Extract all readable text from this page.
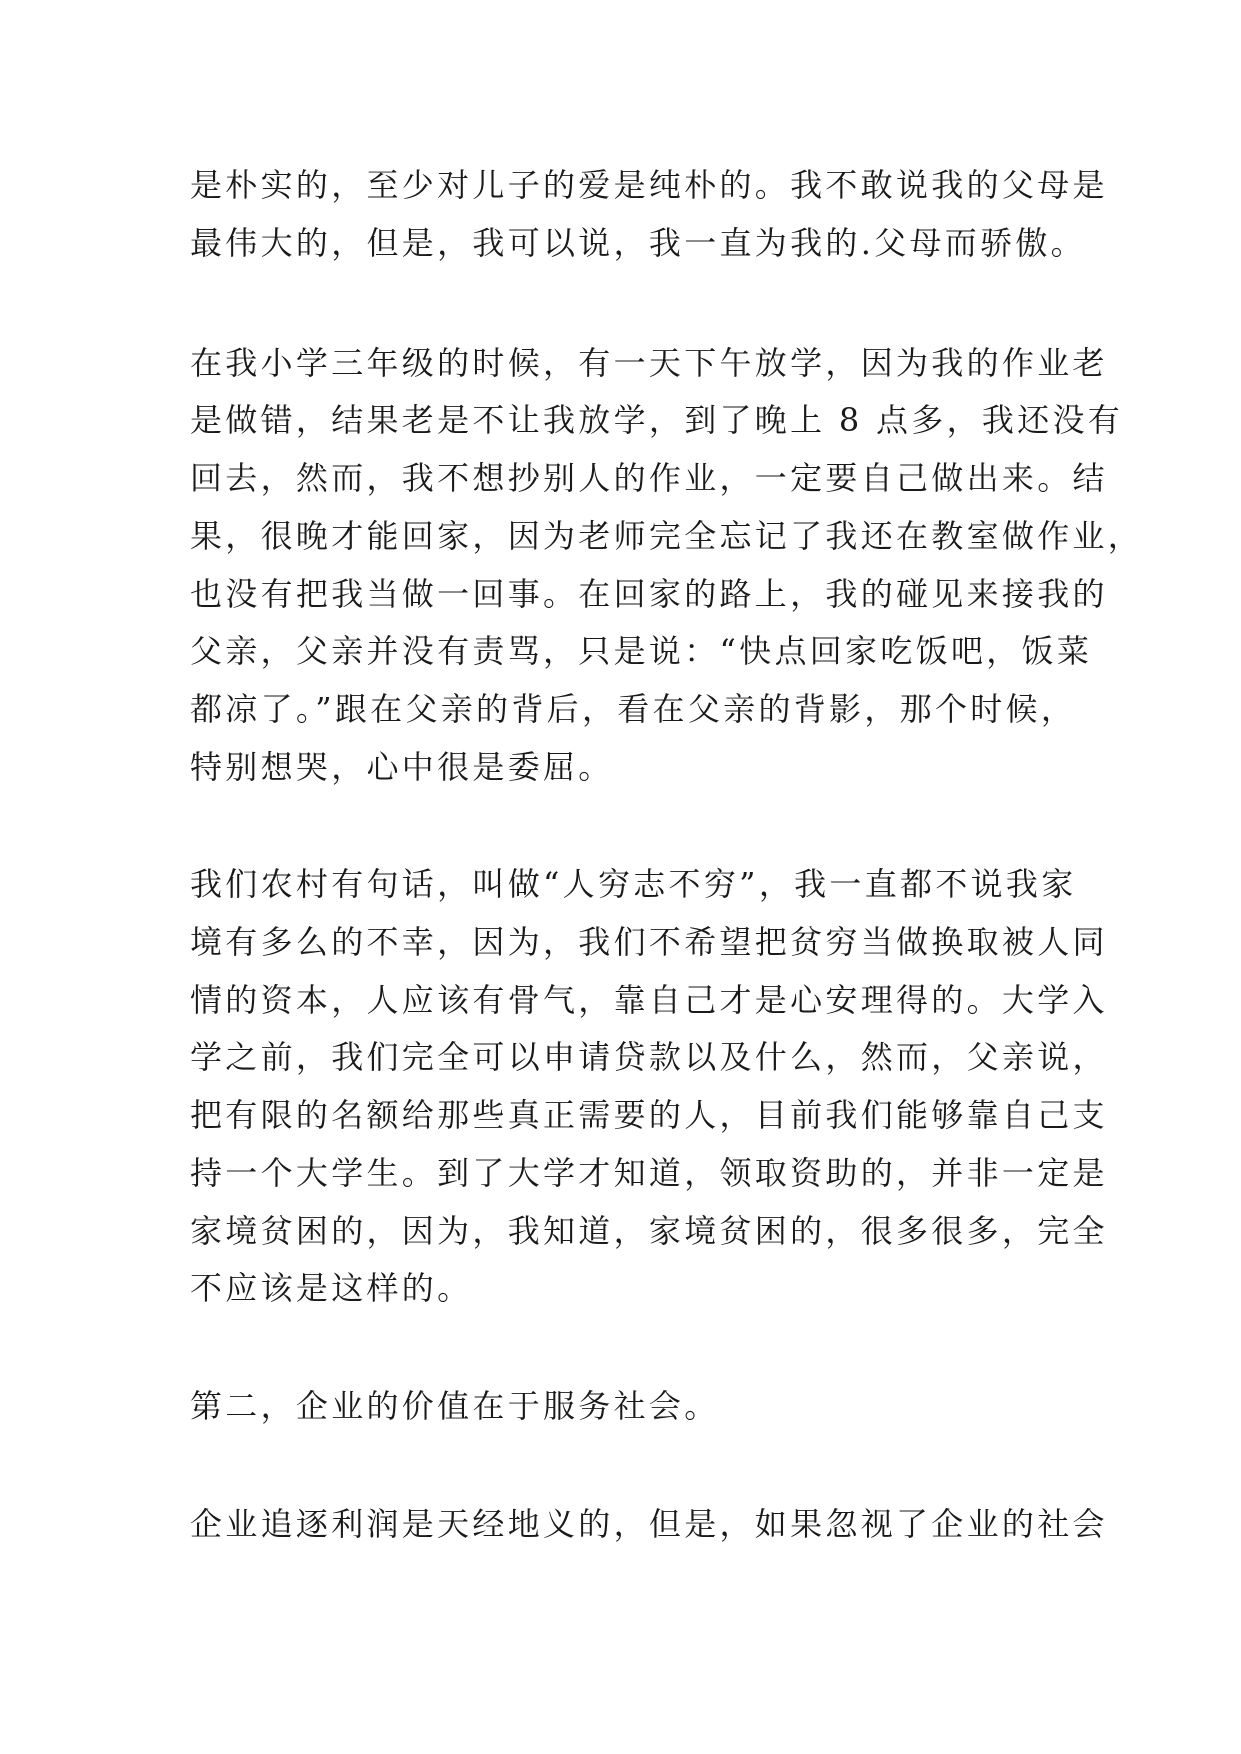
是朴实的，至少对儿子的爱是纯朴的。我不敢说我的父母是
最伟大的，但是，我可以说，我一直为我的.父母而骄傲。
在我小学三年级的时候，有一天下午放学，因为我的作业老
是做错，结果老是不让我放学，到了晚上 8 点多，我还没有
回去，然而，我不想抄别人的作业，一定要自己做出来。结
果，很晚才能回家，因为老师完全忘记了我还在教室做作业，
也没有把我当做一回事。在回家的路上，我的碰见来接我的
父亲，父亲并没有责骂，只是说：“快点回家吃饭吧，饭菜
都凉了。”跟在父亲的背后，看在父亲的背影，那个时候，
特别想哭，心中很是委屈。
我们农村有句话，叫做“人穷志不穷”，我一直都不说我家
境有多么的不幸，因为，我们不希望把贫穷当做换取被人同
情的资本，人应该有骨气，靠自己才是心安理得的。大学入
学之前，我们完全可以申请贷款以及什么，然而，父亲说，
把有限的名额给那些真正需要的人，目前我们能够靠自己支
持一个大学生。到了大学才知道，领取资助的，并非一定是
家境贫困的，因为，我知道，家境贫困的，很多很多，完全
不应该是这样的。
第二，企业的价值在于服务社会。
企业追逐利润是天经地义的，但是，如果忽视了企业的社会
